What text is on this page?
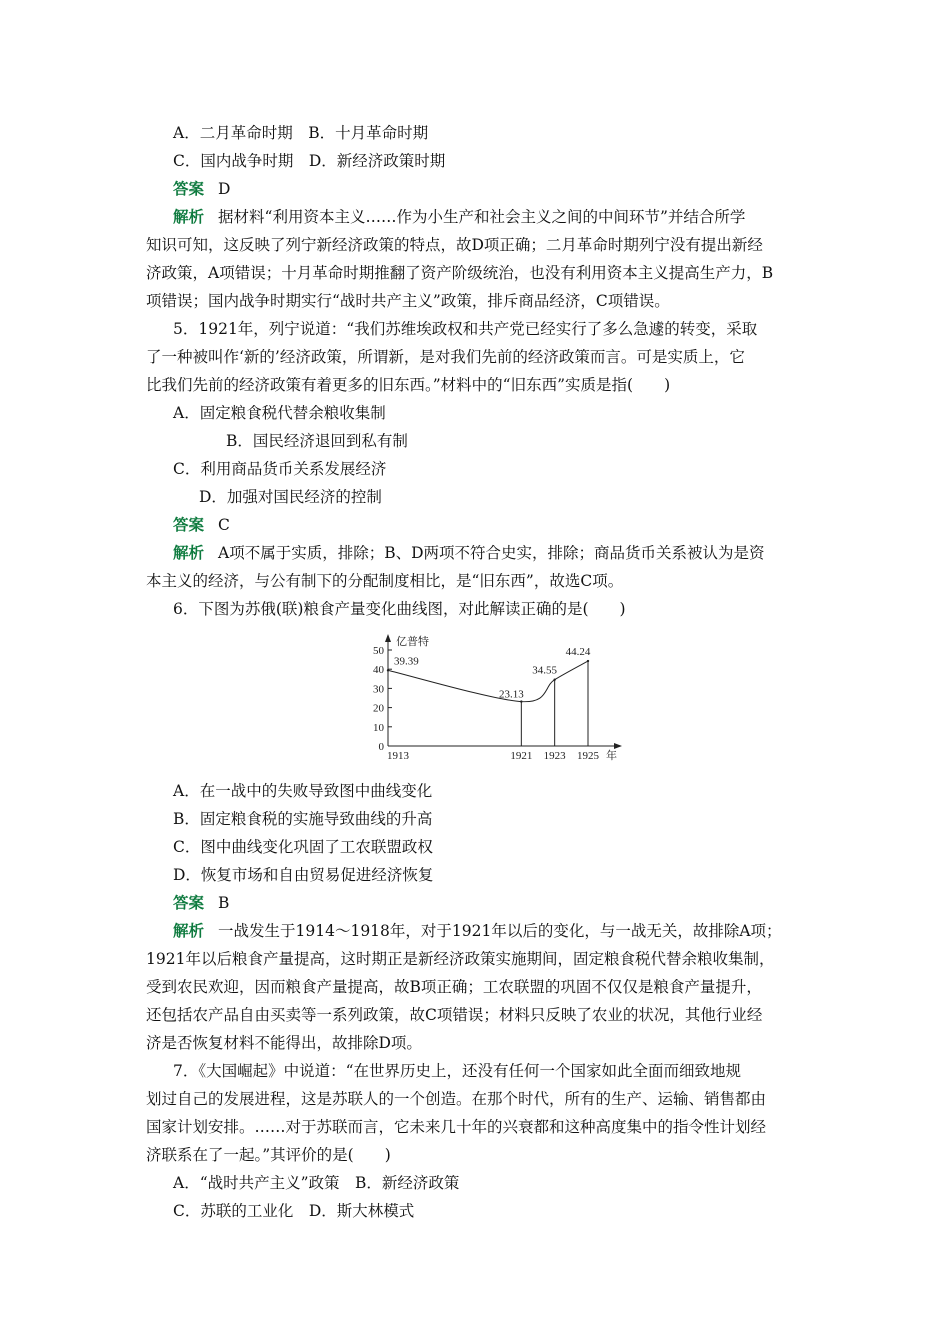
A．二月革命时期　B．十月革命时期
C．国内战争时期　D．新经济政策时期
答案 D
解析 据材料“利用资本主义……作为小生产和社会主义之间的中间环节”并结合所学
知识可知，这反映了列宁新经济政策的特点，故D项正确；二月革命时期列宁没有提出新经
济政策，A项错误；十月革命时期推翻了资产阶级统治，也没有利用资本主义提高生产力，B
项错误；国内战争时期实行“战时共产主义”政策，排斥商品经济，C项错误。
5．1921年，列宁说道：“我们苏维埃政权和共产党已经实行了多么急遽的转变，采取
了一种被叫作‘新的’经济政策，所谓新，是对我们先前的经济政策而言。可是实质上，它
比我们先前的经济政策有着更多的旧东西。”材料中的“旧东西”实质是指(　　)
A．固定粮食税代替余粮收集制
B．国民经济退回到私有制
C．利用商品货币关系发展经济
D．加强对国民经济的控制
答案 C
解析 A项不属于实质，排除；B、D两项不符合史实，排除；商品货币关系被认为是资
本主义的经济，与公有制下的分配制度相比，是“旧东西”，故选C项。
6．下图为苏俄(联)粮食产量变化曲线图，对此解读正确的是(　　)
0
10
20
30
40
50
亿普特
年
39.39
1913
23.13
1921
34.55
1923
44.24
1925
A．在一战中的失败导致图中曲线变化
B．固定粮食税的实施导致曲线的升高
C．图中曲线变化巩固了工农联盟政权
D．恢复市场和自由贸易促进经济恢复
答案 B
解析 一战发生于1914～1918年，对于1921年以后的变化，与一战无关，故排除A项；
1921年以后粮食产量提高，这时期正是新经济政策实施期间，固定粮食税代替余粮收集制，
受到农民欢迎，因而粮食产量提高，故B项正确；工农联盟的巩固不仅仅是粮食产量提升，
还包括农产品自由买卖等一系列政策，故C项错误；材料只反映了农业的状况，其他行业经
济是否恢复材料不能得出，故排除D项。
7．《大国崛起》中说道：“在世界历史上，还没有任何一个国家如此全面而细致地规
划过自己的发展进程，这是苏联人的一个创造。在那个时代，所有的生产、运输、销售都由
国家计划安排。……对于苏联而言，它未来几十年的兴衰都和这种高度集中的指令性计划经
济联系在了一起。”其评价的是(　　)
A．“战时共产主义”政策　B．新经济政策
C．苏联的工业化　D．斯大林模式
